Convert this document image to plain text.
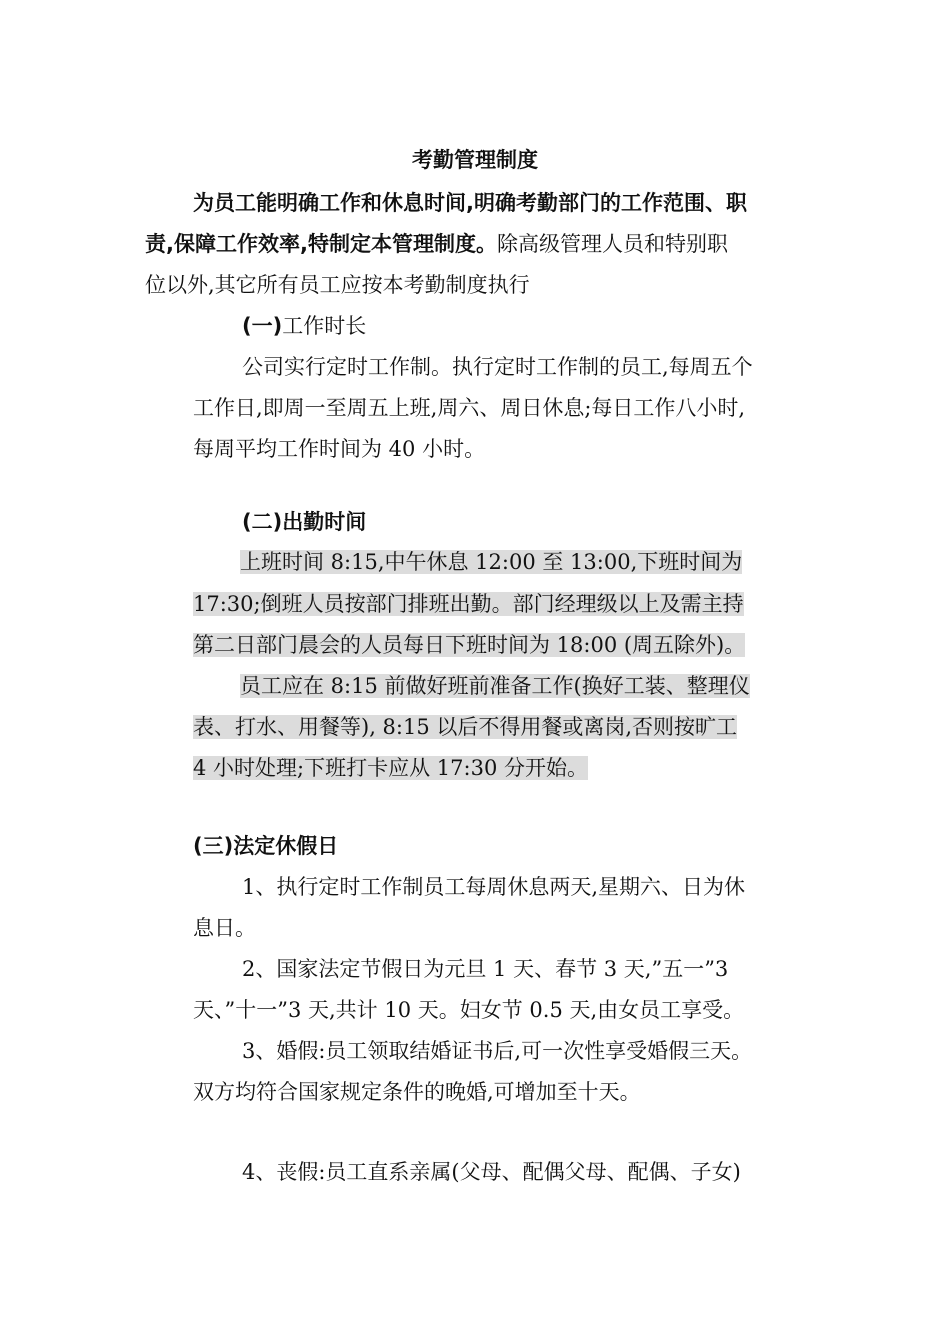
考勤管理制度
为员工能明确工作和休息时间,明确考勤部门的工作范围、职
责,保障工作效率,特制定本管理制度。除高级管理人员和特别职
位以外,其它所有员工应按本考勤制度执行
(一)工作时长
公司实行定时工作制。执行定时工作制的员工,每周五个
工作日,即周一至周五上班,周六、周日休息;每日工作八小时,
每周平均工作时间为 40 小时。
(二)出勤时间
上班时间 8:15,中午休息 12:00 至 13:00,下班时间为
17:30;倒班人员按部门排班出勤。部门经理级以上及需主持
第二日部门晨会的人员每日下班时间为 18:00 (周五除外)。
员工应在 8:15 前做好班前准备工作(换好工装、整理仪
表、打水、用餐等), 8:15 以后不得用餐或离岗,否则按旷工
4 小时处理;下班打卡应从 17:30 分开始。
(三)法定休假日
1、执行定时工作制员工每周休息两天,星期六、日为休
息日。
2、国家法定节假日为元旦 1 天、春节 3 天,”五一”3
天、”十一”3 天,共计 10 天。妇女节 0.5 天,由女员工享受。
3、婚假:员工领取结婚证书后,可一次性享受婚假三天。
双方均符合国家规定条件的晚婚,可增加至十天。
4、丧假:员工直系亲属(父母、配偶父母、配偶、子女)
